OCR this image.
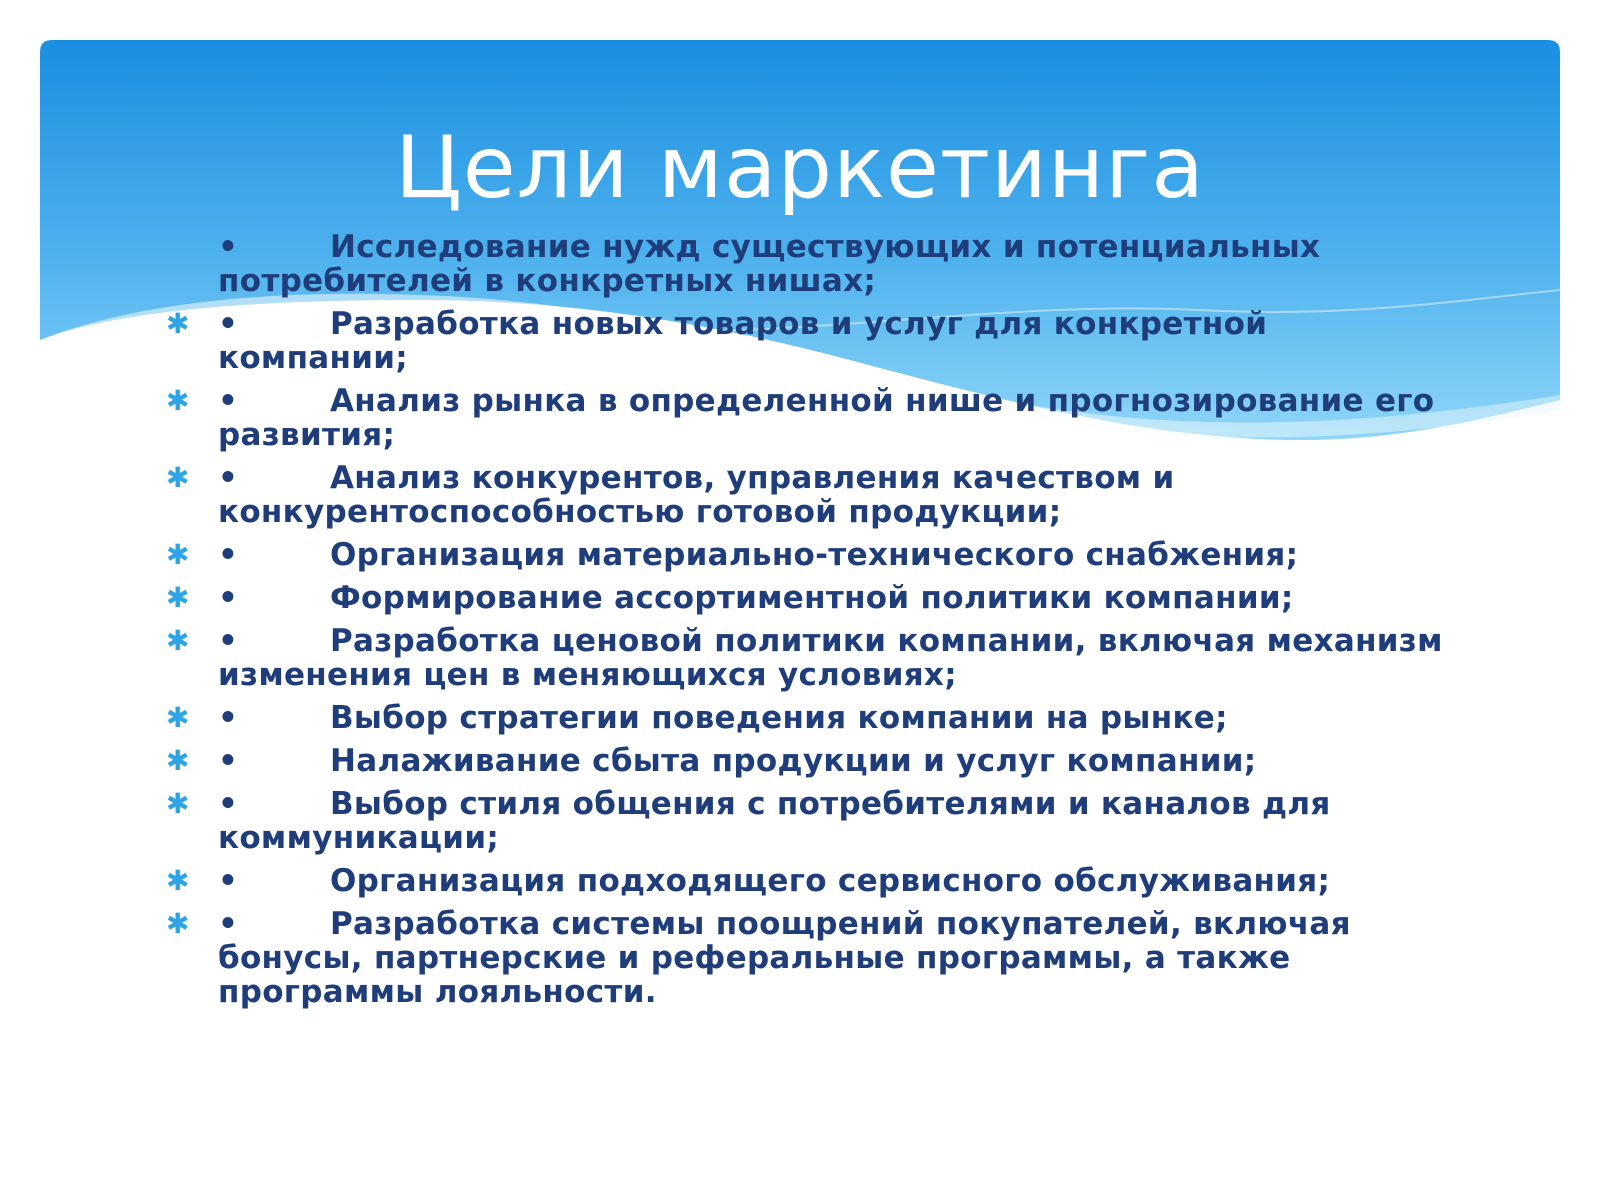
Цели маркетинга
•	Исследование нужд существующих и потенциальных потребителей в конкретных нишах;
✱ •	Разработка новых товаров и услуг для конкретной компании;
✱ •	Анализ рынка в определенной нише и прогнозирование его развития;
✱ •	Анализ конкурентов, управления качеством и конкурентоспособностью готовой продукции;
✱ •	Организация материально-технического снабжения;
✱ •	Формирование ассортиментной политики компании;
✱ •	Разработка ценовой политики компании, включая механизм изменения цен в меняющихся условиях;
✱ •	Выбор стратегии поведения компании на рынке;
✱ •	Налаживание сбыта продукции и услуг компании;
✱ •	Выбор стиля общения с потребителями и каналов для коммуникации;
✱ •	Организация подходящего сервисного обслуживания;
✱ •	Разработка системы поощрений покупателей, включая бонусы, партнерские и реферальные программы, а также программы лояльности.
